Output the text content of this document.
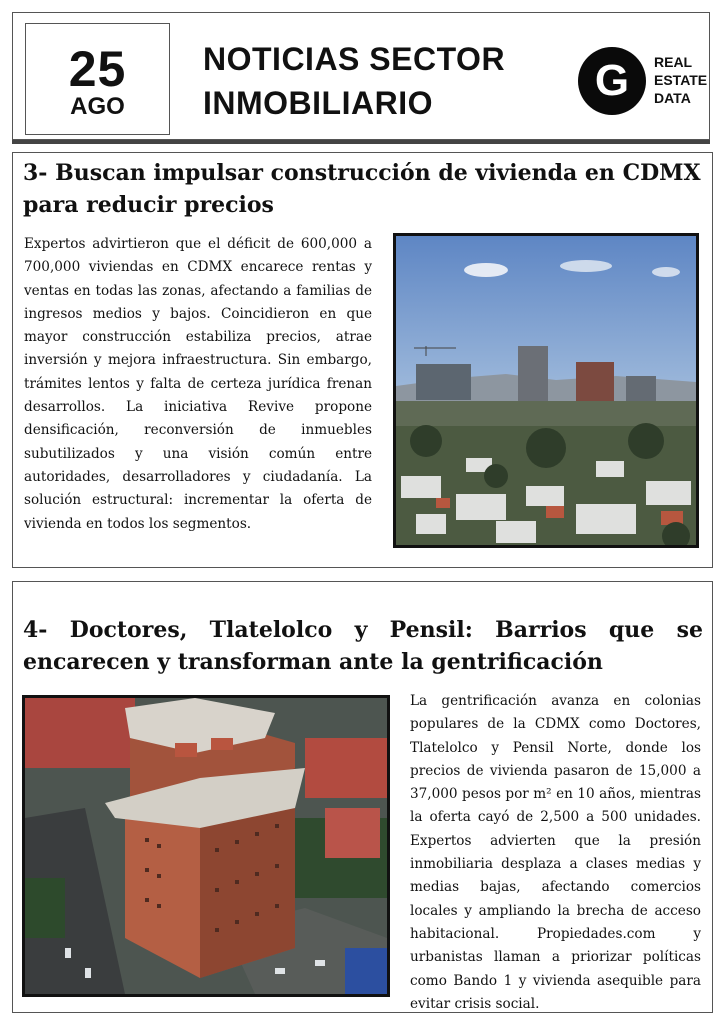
25
AGO
NOTICIAS SECTOR
INMOBILIARIO	G	REAL
ESTATE
DATA
3- Buscan impulsar construcción de vivienda en CDMX para reducir precios

Expertos advirtieron que el déficit de 600,000 a 700,000 viviendas en CDMX encarece rentas y ventas en todas las zonas, afectando a familias de ingresos medios y bajos. Coincidieron en que mayor construcción estabiliza precios, atrae inversión y mejora infraestructura. Sin embargo, trámites lentos y falta de certeza jurídica frenan desarrollos. La iniciativa Revive propone densificación, reconversión de inmuebles subutilizados y una visión común entre autoridades, desarrolladores y ciudadanía. La solución estructural: incrementar la oferta de vivienda en todos los segmentos.

4- Doctores, Tlatelolco y Pensil: Barrios que se encarecen y transforman ante la gentrificación

La gentrificación avanza en colonias populares de la CDMX como Doctores, Tlatelolco y Pensil Norte, donde los precios de vivienda pasaron de 15,000 a 37,000 pesos por m² en 10 años, mientras la oferta cayó de 2,500 a 500 unidades. Expertos advierten que la presión inmobiliaria desplaza a clases medias y medias bajas, afectando comercios locales y ampliando la brecha de acceso habitacional. Propiedades.com y urbanistas llaman a priorizar políticas como Bando 1 y vivienda asequible para evitar crisis social.
